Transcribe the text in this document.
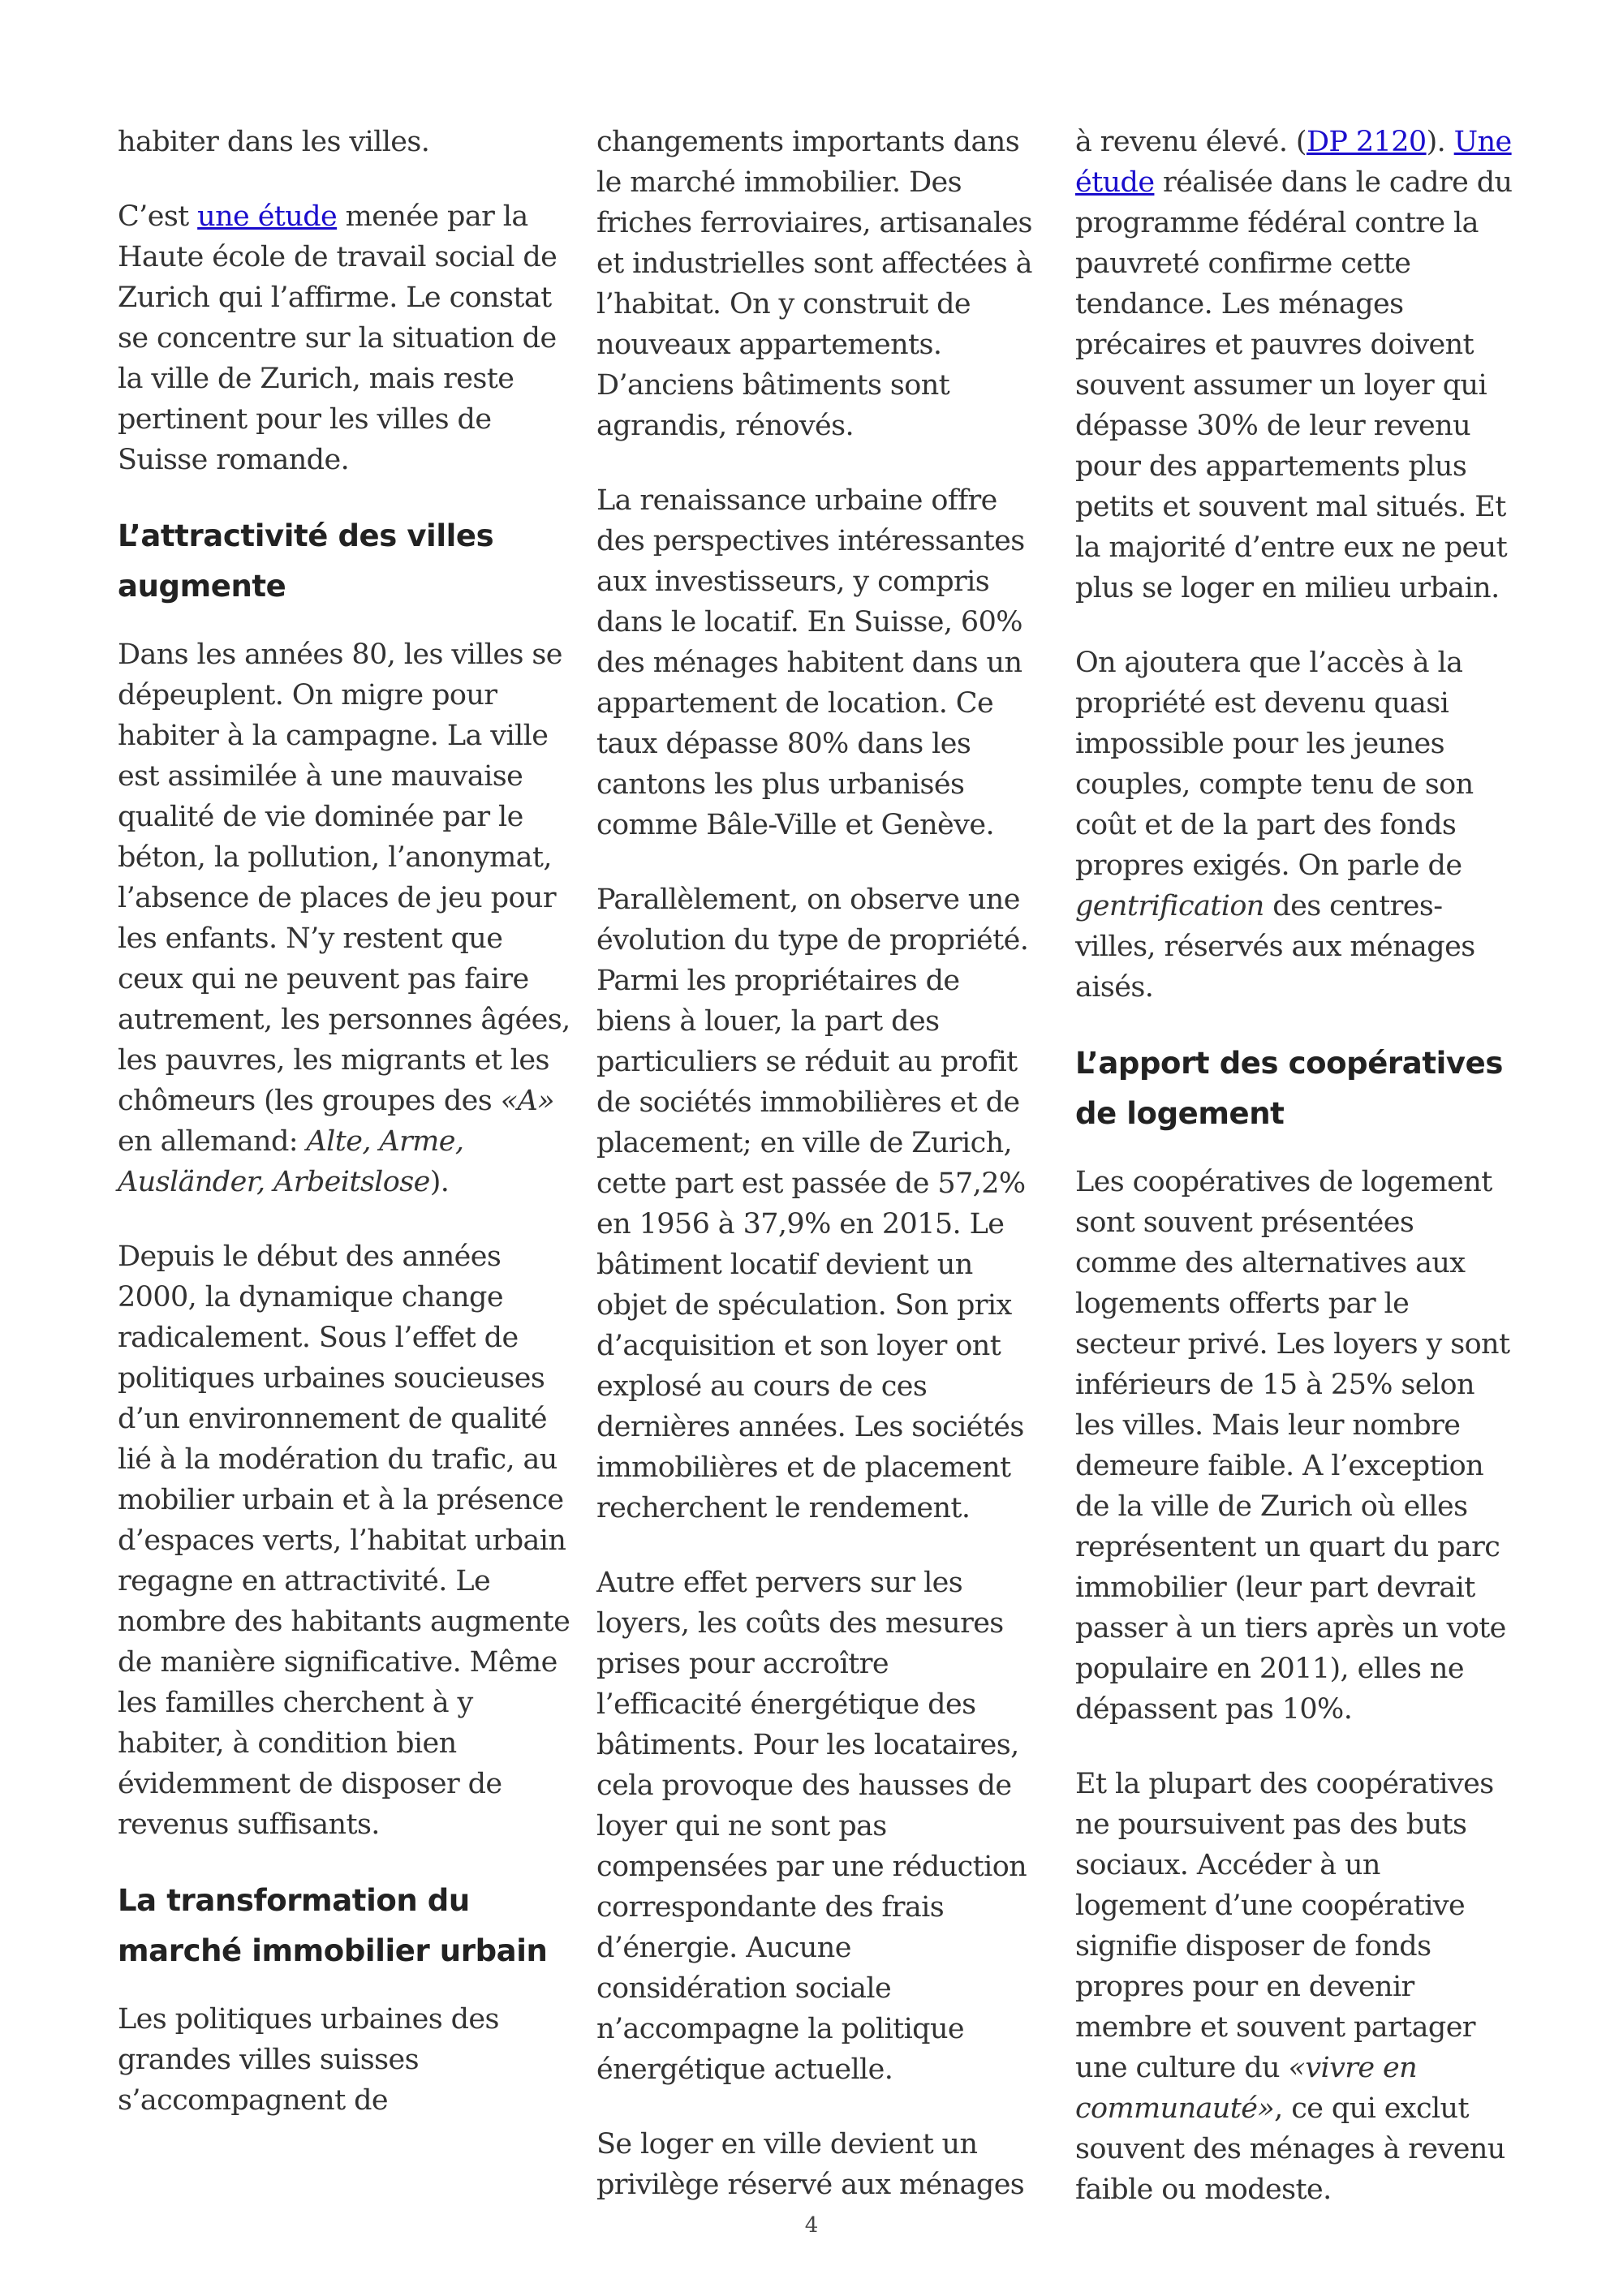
habiter dans les villes.

C’est une étude menée par la Haute école de travail social de Zurich qui l’affirme. Le constat se concentre sur la situation de la ville de Zurich, mais reste pertinent pour les villes de Suisse romande.

L’attractivité des villes augmente

Dans les années 80, les villes se dépeuplent. On migre pour habiter à la campagne. La ville est assimilée à une mauvaise qualité de vie dominée par le béton, la pollution, l’anonymat, l’absence de places de jeu pour les enfants. N’y restent que ceux qui ne peuvent pas faire autrement, les personnes âgées, les pauvres, les migrants et les chômeurs (les groupes des «A» en allemand: Alte, Arme, Ausländer, Arbeitslose).

Depuis le début des années 2000, la dynamique change radicalement. Sous l’effet de politiques urbaines soucieuses d’un environnement de qualité lié à la modération du trafic, au mobilier urbain et à la présence d’espaces verts, l’habitat urbain regagne en attractivité. Le nombre des habitants augmente de manière significative. Même les familles cherchent à y habiter, à condition bien évidemment de disposer de revenus suffisants.

La transformation du marché immobilier urbain

Les politiques urbaines des grandes villes suisses s’accompagnent de

changements importants dans le marché immobilier. Des friches ferroviaires, artisanales et industrielles sont affectées à l’habitat. On y construit de nouveaux appartements. D’anciens bâtiments sont agrandis, rénovés.

La renaissance urbaine offre des perspectives intéressantes aux investisseurs, y compris dans le locatif. En Suisse, 60% des ménages habitent dans un appartement de location. Ce taux dépasse 80% dans les cantons les plus urbanisés comme Bâle-Ville et Genève.

Parallèlement, on observe une évolution du type de propriété. Parmi les propriétaires de biens à louer, la part des particuliers se réduit au profit de sociétés immobilières et de placement; en ville de Zurich, cette part est passée de 57,2% en 1956 à 37,9% en 2015. Le bâtiment locatif devient un objet de spéculation. Son prix d’acquisition et son loyer ont explosé au cours de ces dernières années. Les sociétés immobilières et de placement recherchent le rendement.

Autre effet pervers sur les loyers, les coûts des mesures prises pour accroître l’efficacité énergétique des bâtiments. Pour les locataires, cela provoque des hausses de loyer qui ne sont pas compensées par une réduction correspondante des frais d’énergie. Aucune considération sociale n’accompagne la politique énergétique actuelle.

Se loger en ville devient un privilège réservé aux ménages

à revenu élevé. (DP 2120). Une étude réalisée dans le cadre du programme fédéral contre la pauvreté confirme cette tendance. Les ménages précaires et pauvres doivent souvent assumer un loyer qui dépasse 30% de leur revenu pour des appartements plus petits et souvent mal situés. Et la majorité d’entre eux ne peut plus se loger en milieu urbain.

On ajoutera que l’accès à la propriété est devenu quasi impossible pour les jeunes couples, compte tenu de son coût et de la part des fonds propres exigés. On parle de gentrification des centres-villes, réservés aux ménages aisés.

L’apport des coopératives de logement

Les coopératives de logement sont souvent présentées comme des alternatives aux logements offerts par le secteur privé. Les loyers y sont inférieurs de 15 à 25% selon les villes. Mais leur nombre demeure faible. A l’exception de la ville de Zurich où elles représentent un quart du parc immobilier (leur part devrait passer à un tiers après un vote populaire en 2011), elles ne dépassent pas 10%.

Et la plupart des coopératives ne poursuivent pas des buts sociaux. Accéder à un logement d’une coopérative signifie disposer de fonds propres pour en devenir membre et souvent partager une culture du «vivre en communauté», ce qui exclut souvent des ménages à revenu faible ou modeste.

4
